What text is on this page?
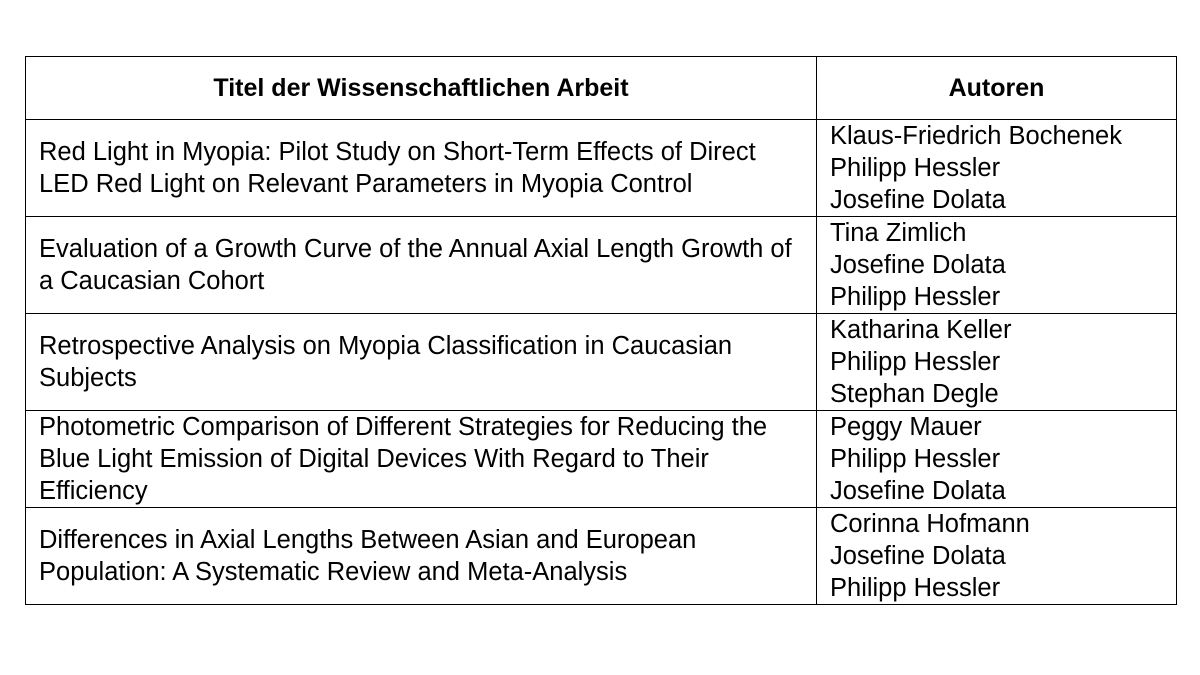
Titel der Wissenschaftlichen Arbeit	Autoren
Red Light in Myopia: Pilot Study on Short-Term Effects of Direct LED Red Light on Relevant Parameters in Myopia Control	Klaus-Friedrich Bochenek
Philipp Hessler
Josefine Dolata

Evaluation of a Growth Curve of the Annual Axial Length Growth of a Caucasian Cohort	Tina Zimlich
Josefine Dolata
Philipp Hessler

Retrospective Analysis on Myopia Classification in Caucasian Subjects	Katharina Keller
Philipp Hessler
Stephan Degle

Photometric Comparison of Different Strategies for Reducing the Blue Light Emission of Digital Devices With Regard to Their Efficiency	Peggy Mauer
Philipp Hessler
Josefine Dolata

Differences in Axial Lengths Between Asian and European Population: A Systematic Review and Meta-Analysis	Corinna Hofmann
Josefine Dolata
Philipp Hessler
